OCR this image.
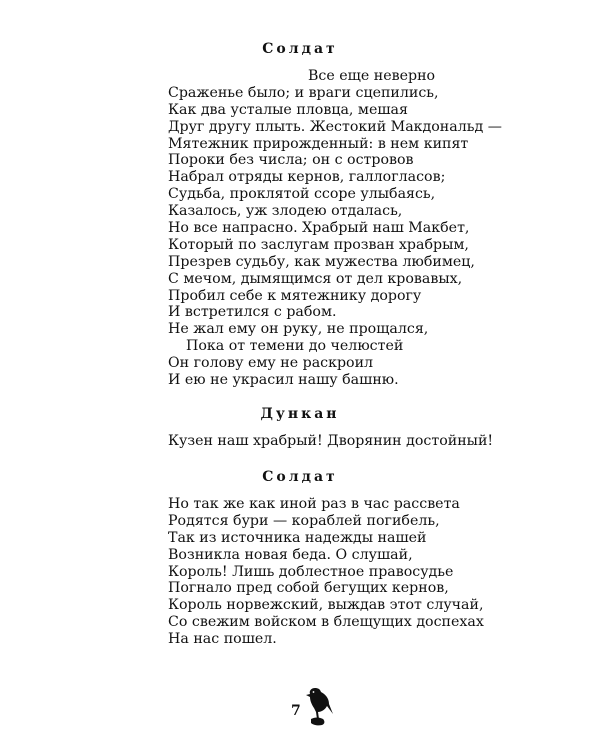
Солдат
Все еще неверно
Сраженье было; и враги сцепились,
Как два усталые пловца, мешая
Друг другу плыть. Жестокий Макдональд —
Мятежник прирожденный: в нем кипят
Пороки без числа; он с островов
Набрал отряды кернов, галлогласов;
Судьба, проклятой ссоре улыбаясь,
Казалось, уж злодею отдалась,
Но все напрасно. Храбрый наш Макбет,
Который по заслугам прозван храбрым,
Презрев судьбу, как мужества любимец,
С мечом, дымящимся от дел кровавых,
Пробил себе к мятежнику дорогу
И встретился с рабом.
Не жал ему он руку, не прощался,
Пока от темени до челюстей
Он голову ему не раскроил
И ею не украсил нашу башню.
Дункан
Кузен наш храбрый! Дворянин достойный!
Солдат
Но так же как иной раз в час рассвета
Родятся бури — кораблей погибель,
Так из источника надежды нашей
Возникла новая беда. О слушай,
Король! Лишь доблестное правосудье
Погнало пред собой бегущих кернов,
Король норвежский, выждав этот случай,
Со свежим войском в блещущих доспехах
На нас пошел.
7
